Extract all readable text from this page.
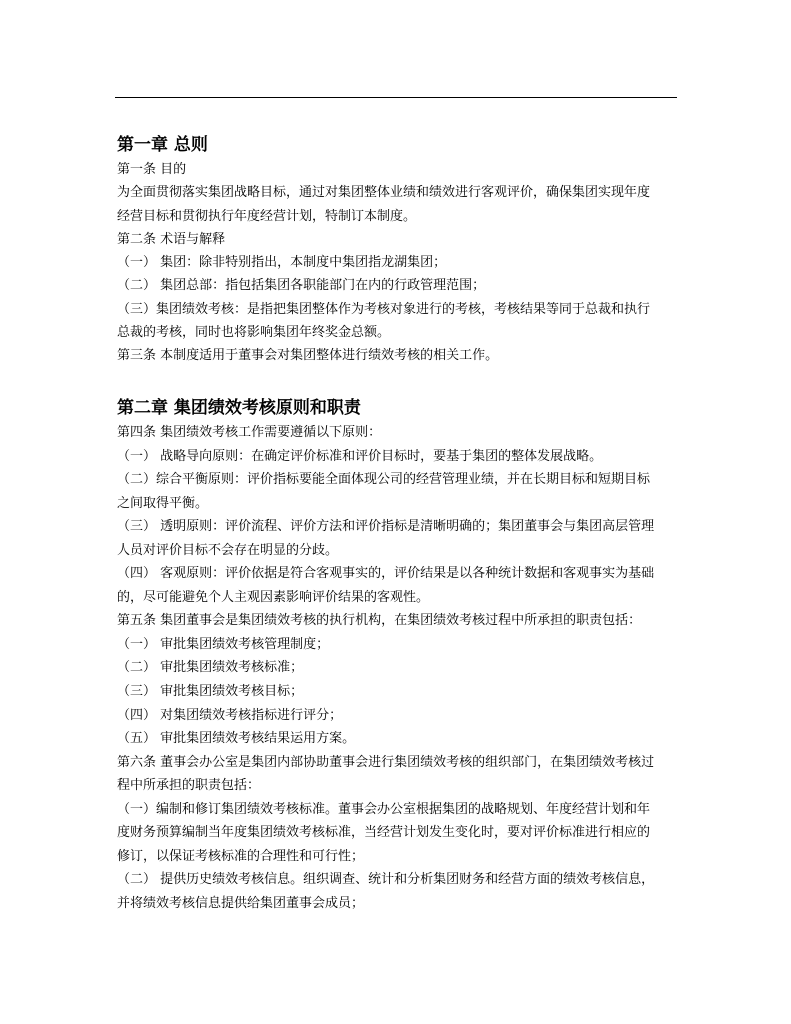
第一章 总则
第一条 目的
为全面贯彻落实集团战略目标，通过对集团整体业绩和绩效进行客观评价，确保集团实现年度
经营目标和贯彻执行年度经营计划，特制订本制度。
第二条 术语与解释
（一） 集团：除非特别指出，本制度中集团指龙湖集团；
（二） 集团总部：指包括集团各职能部门在内的行政管理范围；
（三）集团绩效考核：是指把集团整体作为考核对象进行的考核，考核结果等同于总裁和执行
总裁的考核，同时也将影响集团年终奖金总额。
第三条 本制度适用于董事会对集团整体进行绩效考核的相关工作。
第二章 集团绩效考核原则和职责
第四条 集团绩效考核工作需要遵循以下原则：
（一） 战略导向原则：在确定评价标准和评价目标时，要基于集团的整体发展战略。
（二）综合平衡原则：评价指标要能全面体现公司的经营管理业绩，并在长期目标和短期目标
之间取得平衡。
（三） 透明原则：评价流程、评价方法和评价指标是清晰明确的；集团董事会与集团高层管理
人员对评价目标不会存在明显的分歧。
（四） 客观原则：评价依据是符合客观事实的，评价结果是以各种统计数据和客观事实为基础
的，尽可能避免个人主观因素影响评价结果的客观性。
第五条 集团董事会是集团绩效考核的执行机构，在集团绩效考核过程中所承担的职责包括：
（一） 审批集团绩效考核管理制度；
（二） 审批集团绩效考核标准；
（三） 审批集团绩效考核目标；
（四） 对集团绩效考核指标进行评分；
（五） 审批集团绩效考核结果运用方案。
第六条 董事会办公室是集团内部协助董事会进行集团绩效考核的组织部门，在集团绩效考核过
程中所承担的职责包括：
（一）编制和修订集团绩效考核标准。董事会办公室根据集团的战略规划、年度经营计划和年
度财务预算编制当年度集团绩效考核标准，当经营计划发生变化时，要对评价标准进行相应的
修订，以保证考核标准的合理性和可行性；
（二） 提供历史绩效考核信息。组织调查、统计和分析集团财务和经营方面的绩效考核信息，
并将绩效考核信息提供给集团董事会成员；
